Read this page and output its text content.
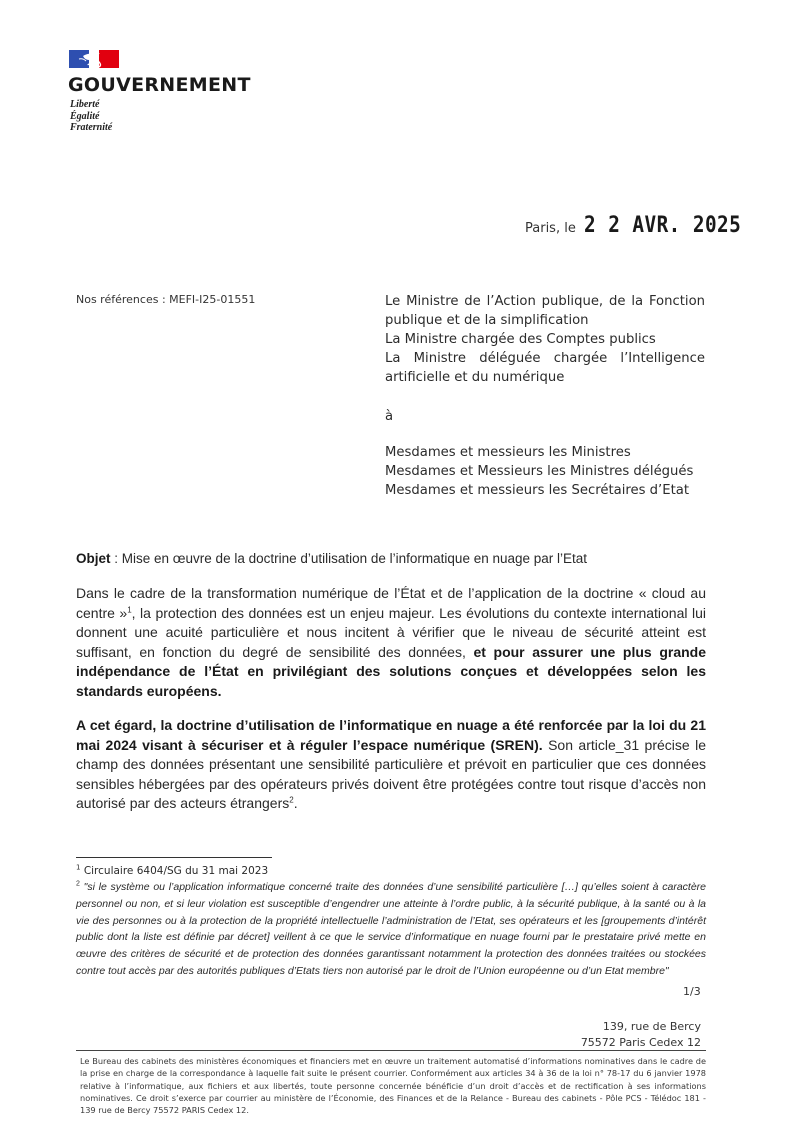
GOUVERNEMENT
Liberté
Égalité
Fraternité
Paris, le 2 2 AVR. 2025
Nos références : MEFI-I25-01551	Le Ministre de l’Action publique, de la Fonction
publique et de la simplification
La Ministre chargée des Comptes publics
La Ministre déléguée chargée l’Intelligence
artificielle et du numérique
à
Mesdames et messieurs les Ministres
Mesdames et Messieurs les Ministres délégués
Mesdames et messieurs les Secrétaires d’Etat
Objet : Mise en œuvre de la doctrine d’utilisation de l’informatique en nuage par l’Etat
Dans le cadre de la transformation numérique de l’État et de l’application de la doctrine « cloud au centre »$^1$, la protection des données est un enjeu majeur. Les évolutions du contexte international lui donnent une acuité particulière et nous incitent à vérifier que le niveau de sécurité atteint est suffisant, en fonction du degré de sensibilité des données, et pour assurer une plus grande indépendance de l’État en privilégiant des solutions conçues et développées selon les standards européens.
A cet égard, la doctrine d’utilisation de l’informatique en nuage a été renforcée par la loi du 21 mai 2024 visant à sécuriser et à réguler l’espace numérique (SREN). Son article_31 précise le champ des données présentant une sensibilité particulière et prévoit en particulier que ces données sensibles hébergées par des opérateurs privés doivent être protégées contre tout risque d’accès non autorisé par des acteurs étrangers$^2$.
$^1$ Circulaire 6404/SG du 31 mai 2023
$^2$ "si le système ou l’application informatique concerné traite des données d’une sensibilité particulière […] qu’elles soient à caractère personnel ou non, et si leur violation est susceptible d’engendrer une atteinte à l’ordre public, à la sécurité publique, à la santé ou à la vie des personnes ou à la protection de la propriété intellectuelle l’administration de l’Etat, ses opérateurs et les [groupements d’intérêt public dont la liste est définie par décret] veillent à ce que le service d’informatique en nuage fourni par le prestataire privé mette en œuvre des critères de sécurité et de protection des données garantissant notamment la protection des données traitées ou stockées contre tout accès par des autorités publiques d’Etats tiers non autorisé par le droit de l’Union européenne ou d’un Etat membre"
1/3
139, rue de Bercy
75572 Paris Cedex 12
Le Bureau des cabinets des ministères économiques et financiers met en œuvre un traitement automatisé d’informations nominatives dans le cadre de la prise en charge de la correspondance à laquelle fait suite le présent courrier. Conformément aux articles 34 à 36 de la loi n° 78-17 du 6 janvier 1978 relative à l’informatique, aux fichiers et aux libertés, toute personne concernée bénéficie d’un droit d’accès et de rectification à ses informations nominatives. Ce droit s’exerce par courrier au ministère de l’Économie, des Finances et de la Relance - Bureau des cabinets - Pôle PCS - Télédoc 181 - 139 rue de Bercy 75572 PARIS Cedex 12.
